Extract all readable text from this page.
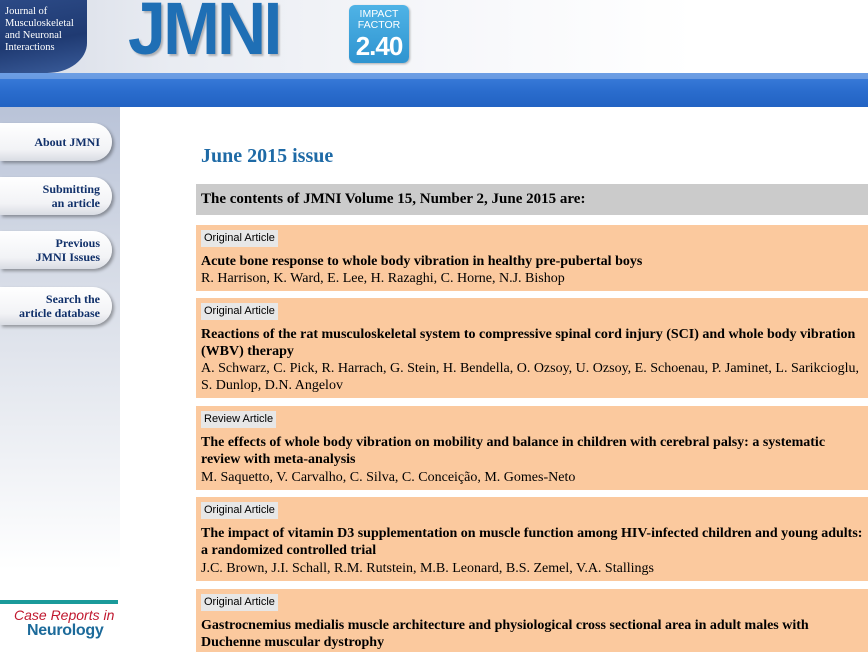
Journal of
Musculoskeletal
and Neuronal
Interactions JMNI	IMPACT
FACTOR
2.40
About JMNI
Submitting
an article
Previous
JMNI Issues
Search the
article database
Case Reports in
Neurology
June 2015 issue
The contents of JMNI Volume 15, Number 2, June 2015 are:
Original Article
Acute bone response to whole body vibration in healthy pre-pubertal boys
R. Harrison, K. Ward, E. Lee, H. Razaghi, C. Horne, N.J. Bishop
Original Article
Reactions of the rat musculoskeletal system to compressive spinal cord injury (SCI) and whole body vibration (WBV) therapy
A. Schwarz, C. Pick, R. Harrach, G. Stein, H. Bendella, O. Ozsoy, U. Ozsoy, E. Schoenau, P. Jaminet, L. Sarikcioglu, S. Dunlop, D.N. Angelov
Review Article
The effects of whole body vibration on mobility and balance in children with cerebral palsy: a systematic review with meta-analysis
M. Saquetto, V. Carvalho, C. Silva, C. Conceição, M. Gomes-Neto
Original Article
The impact of vitamin D3 supplementation on muscle function among HIV-infected children and young adults: a randomized controlled trial
J.C. Brown, J.I. Schall, R.M. Rutstein, M.B. Leonard, B.S. Zemel, V.A. Stallings
Original Article
Gastrocnemius medialis muscle architecture and physiological cross sectional area in adult males with Duchenne muscular dystrophy
